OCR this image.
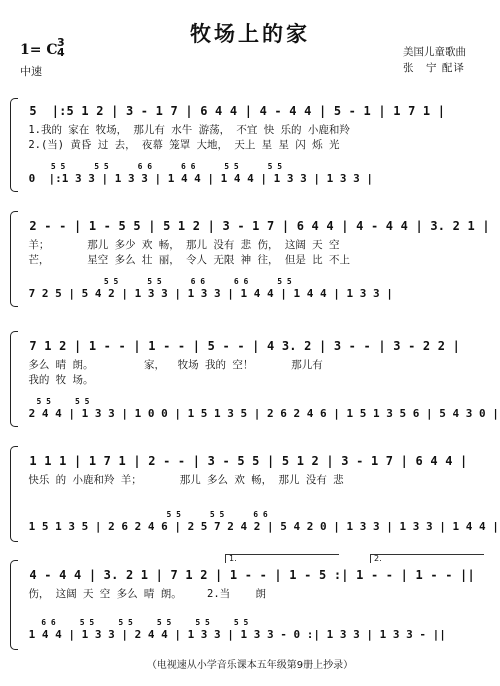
牧场上的家
1= C 3
4
中速
美国儿童歌曲
张　宁 配译
5  |:5 1 2 | 3 - 1 7 | 6 4 4 | 4 - 4 4 | 5 - 1 | 1 7 1 |
1.我的 家在 牧场， 那儿有 水牛 游荡， 不宜 快 乐的 小鹿和羚
2.(当) 黄昏 过 去， 夜幕 笼罩 大地， 天上 星 星 闪 烁 光
5 5      5 5      6 6      6 6      5 5      5 5
0  |:1 3 3 | 1 3 3 | 1 4 4 | 1 4 4 | 1 3 3 | 1 3 3 |
2 - - | 1 - 5 5 | 5 1 2 | 3 - 1 7 | 6 4 4 | 4 - 4 4 | 3. 2 1 |
羊；      那儿 多少 欢 畅， 那儿 没有 悲 伤， 这阔 天 空
芒，      星空 多么 壮 丽， 令人 无限 神 往， 但是 比 不上
5 5      5 5      6 6      6 6      5 5
7 2 5 | 5 4 2 | 1 3 3 | 1 3 3 | 1 4 4 | 1 4 4 | 1 3 3 |
7 1 2 | 1 - - | 1 - - | 5 - - | 4 3. 2 | 3 - - | 3 - 2 2 |
多么 晴 朗。        家，  牧场 我的 空！      那儿有
我的 牧 场。
5 5     5 5
2 4 4 | 1 3 3 | 1 0 0 | 1 5 1 3 5 | 2 6 2 4 6 | 1 5 1 3 5 6 | 5 4 3 0 |
1 1 1 | 1 7 1 | 2 - - | 3 - 5 5 | 5 1 2 | 3 - 1 7 | 6 4 4 |
快乐 的 小鹿和羚 羊；      那儿 多么 欢 畅， 那儿 没有 悲
5 5      5 5      6 6
1 5 1 3 5 | 2 6 2 4 6 | 2 5 7 2 4 2 | 5 4 2 0 | 1 3 3 | 1 3 3 | 1 4 4 |
1.	2.
4 - 4 4 | 3. 2 1 | 7 1 2 | 1 - - | 1 - 5 :| 1 - - | 1 - - ||
伤， 这阔 天 空 多么 晴 朗。    2.当    朗
6 6     5 5     5 5     5 5     5 5     5 5
1 4 4 | 1 3 3 | 2 4 4 | 1 3 3 | 1 3 3 - 0 :| 1 3 3 | 1 3 3 - ||
（电视速从小学音乐课本五年级第9册上抄录）
